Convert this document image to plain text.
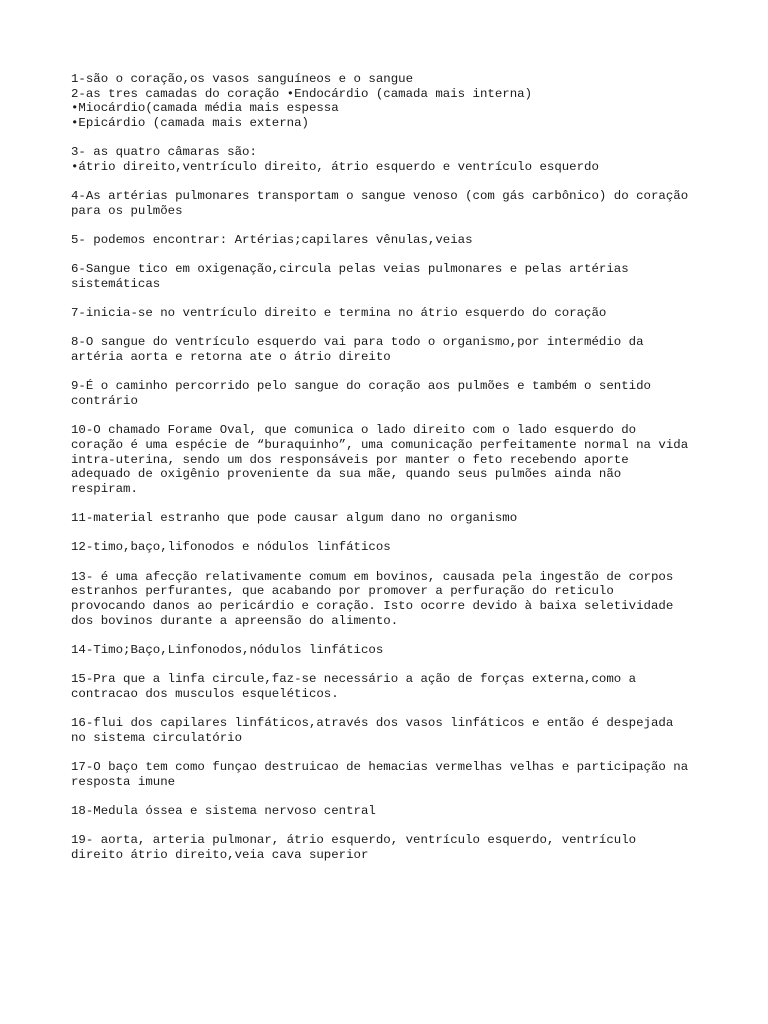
1-são o coração,os vasos sanguíneos e o sangue
2-as tres camadas do coração •Endocárdio (camada mais interna)
•Miocárdio(camada média mais espessa
•Epicárdio (camada mais externa)
3- as quatro câmaras são:
•átrio direito,ventrículo direito, átrio esquerdo e ventrículo esquerdo
4-As artérias pulmonares transportam o sangue venoso (com gás carbônico) do coração
para os pulmões
5- podemos encontrar: Artérias;capilares vênulas,veias
6-Sangue tico em oxigenação,circula pelas veias pulmonares e pelas artérias
sistemáticas
7-inicia-se no ventrículo direito e termina no átrio esquerdo do coração
8-O sangue do ventrículo esquerdo vai para todo o organismo,por intermédio da
artéria aorta e retorna ate o átrio direito
9-É o caminho percorrido pelo sangue do coração aos pulmões e também o sentido
contrário
10-O chamado Forame Oval, que comunica o lado direito com o lado esquerdo do
coração é uma espécie de “buraquinho”, uma comunicação perfeitamente normal na vida
intra-uterina, sendo um dos responsáveis por manter o feto recebendo aporte
adequado de oxigênio proveniente da sua mãe, quando seus pulmões ainda não
respiram.
11-material estranho que pode causar algum dano no organismo
12-timo,baço,lifonodos e nódulos linfáticos
13- é uma afecção relativamente comum em bovinos, causada pela ingestão de corpos
estranhos perfurantes, que acabando por promover a perfuração do reticulo
provocando danos ao pericárdio e coração. Isto ocorre devido à baixa seletividade
dos bovinos durante a apreensão do alimento.
14-Timo;Baço,Linfonodos,nódulos linfáticos
15-Pra que a linfa circule,faz-se necessário a ação de forças externa,como a
contracao dos musculos esqueléticos.
16-flui dos capilares linfáticos,através dos vasos linfáticos e então é despejada
no sistema circulatório
17-O baço tem como funçao destruicao de hemacias vermelhas velhas e participação na
resposta imune
18-Medula óssea e sistema nervoso central
19- aorta, arteria pulmonar, átrio esquerdo, ventrículo esquerdo, ventrículo
direito átrio direito,veia cava superior
